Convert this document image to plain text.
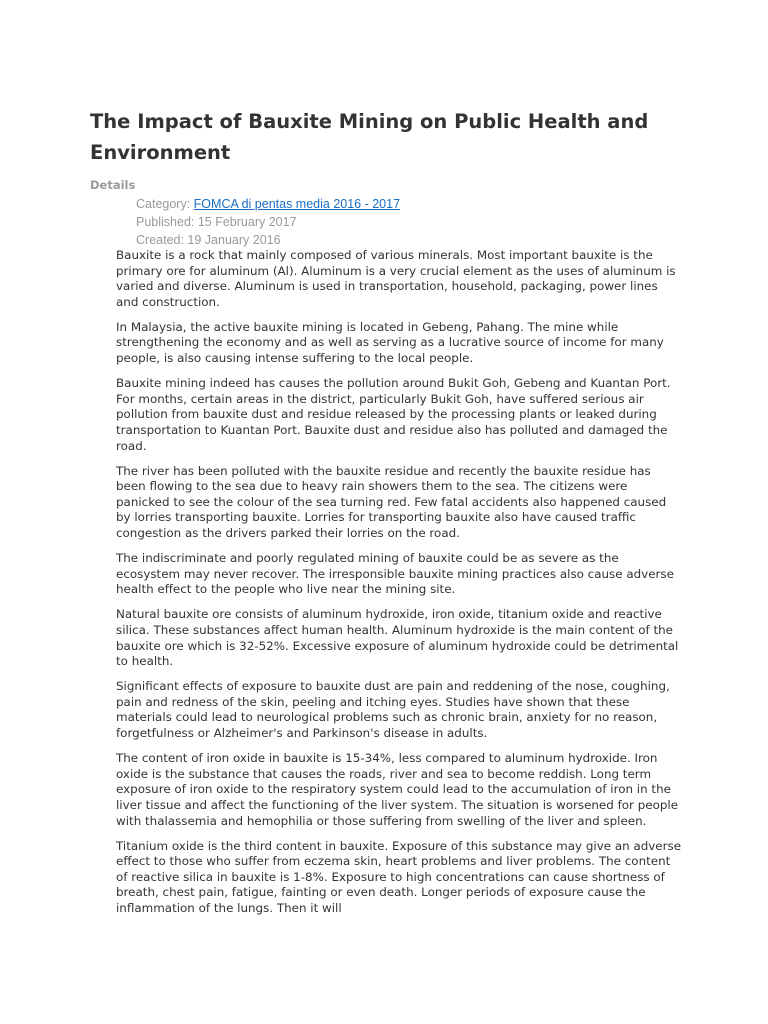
The Impact of Bauxite Mining on Public Health and Environment
Details
Category: FOMCA di pentas media 2016 - 2017
Published: 15 February 2017
Created: 19 January 2016

Bauxite is a rock that mainly composed of various minerals. Most important bauxite is the primary ore for aluminum (Al). Aluminum is a very crucial element as the uses of aluminum is varied and diverse. Aluminum is used in transportation, household, packaging, power lines and construction.

In Malaysia, the active bauxite mining is located in Gebeng, Pahang. The mine while strengthening the economy and as well as serving as a lucrative source of income for many people, is also causing intense suffering to the local people.

Bauxite mining indeed has causes the pollution around Bukit Goh, Gebeng and Kuantan Port. For months, certain areas in the district, particularly Bukit Goh, have suffered serious air pollution from bauxite dust and residue released by the processing plants or leaked during transportation to Kuantan Port. Bauxite dust and residue also has polluted and damaged the road.

The river has been polluted with the bauxite residue and recently the bauxite residue has been flowing to the sea due to heavy rain showers them to the sea. The citizens were panicked to see the colour of the sea turning red. Few fatal accidents also happened caused by lorries transporting bauxite. Lorries for transporting bauxite also have caused traffic congestion as the drivers parked their lorries on the road.

The indiscriminate and poorly regulated mining of bauxite could be as severe as the ecosystem may never recover. The irresponsible bauxite mining practices also cause adverse health effect to the people who live near the mining site.

Natural bauxite ore consists of aluminum hydroxide, iron oxide, titanium oxide and reactive silica. These substances affect human health. Aluminum hydroxide is the main content of the bauxite ore which is 32-52%. Excessive exposure of aluminum hydroxide could be detrimental to health.

Significant effects of exposure to bauxite dust are pain and reddening of the nose, coughing, pain and redness of the skin, peeling and itching eyes. Studies have shown that these materials could lead to neurological problems such as chronic brain, anxiety for no reason, forgetfulness or Alzheimer's and Parkinson's disease in adults.

The content of iron oxide in bauxite is 15-34%, less compared to aluminum hydroxide. Iron oxide is the substance that causes the roads, river and sea to become reddish. Long term exposure of iron oxide to the respiratory system could lead to the accumulation of iron in the liver tissue and affect the functioning of the liver system. The situation is worsened for people with thalassemia and hemophilia or those suffering from swelling of the liver and spleen.

Titanium oxide is the third content in bauxite. Exposure of this substance may give an adverse effect to those who suffer from eczema skin, heart problems and liver problems. The content of reactive silica in bauxite is 1-8%. Exposure to high concentrations can cause shortness of breath, chest pain, fatigue, fainting or even death. Longer periods of exposure cause the inflammation of the lungs. Then it will
